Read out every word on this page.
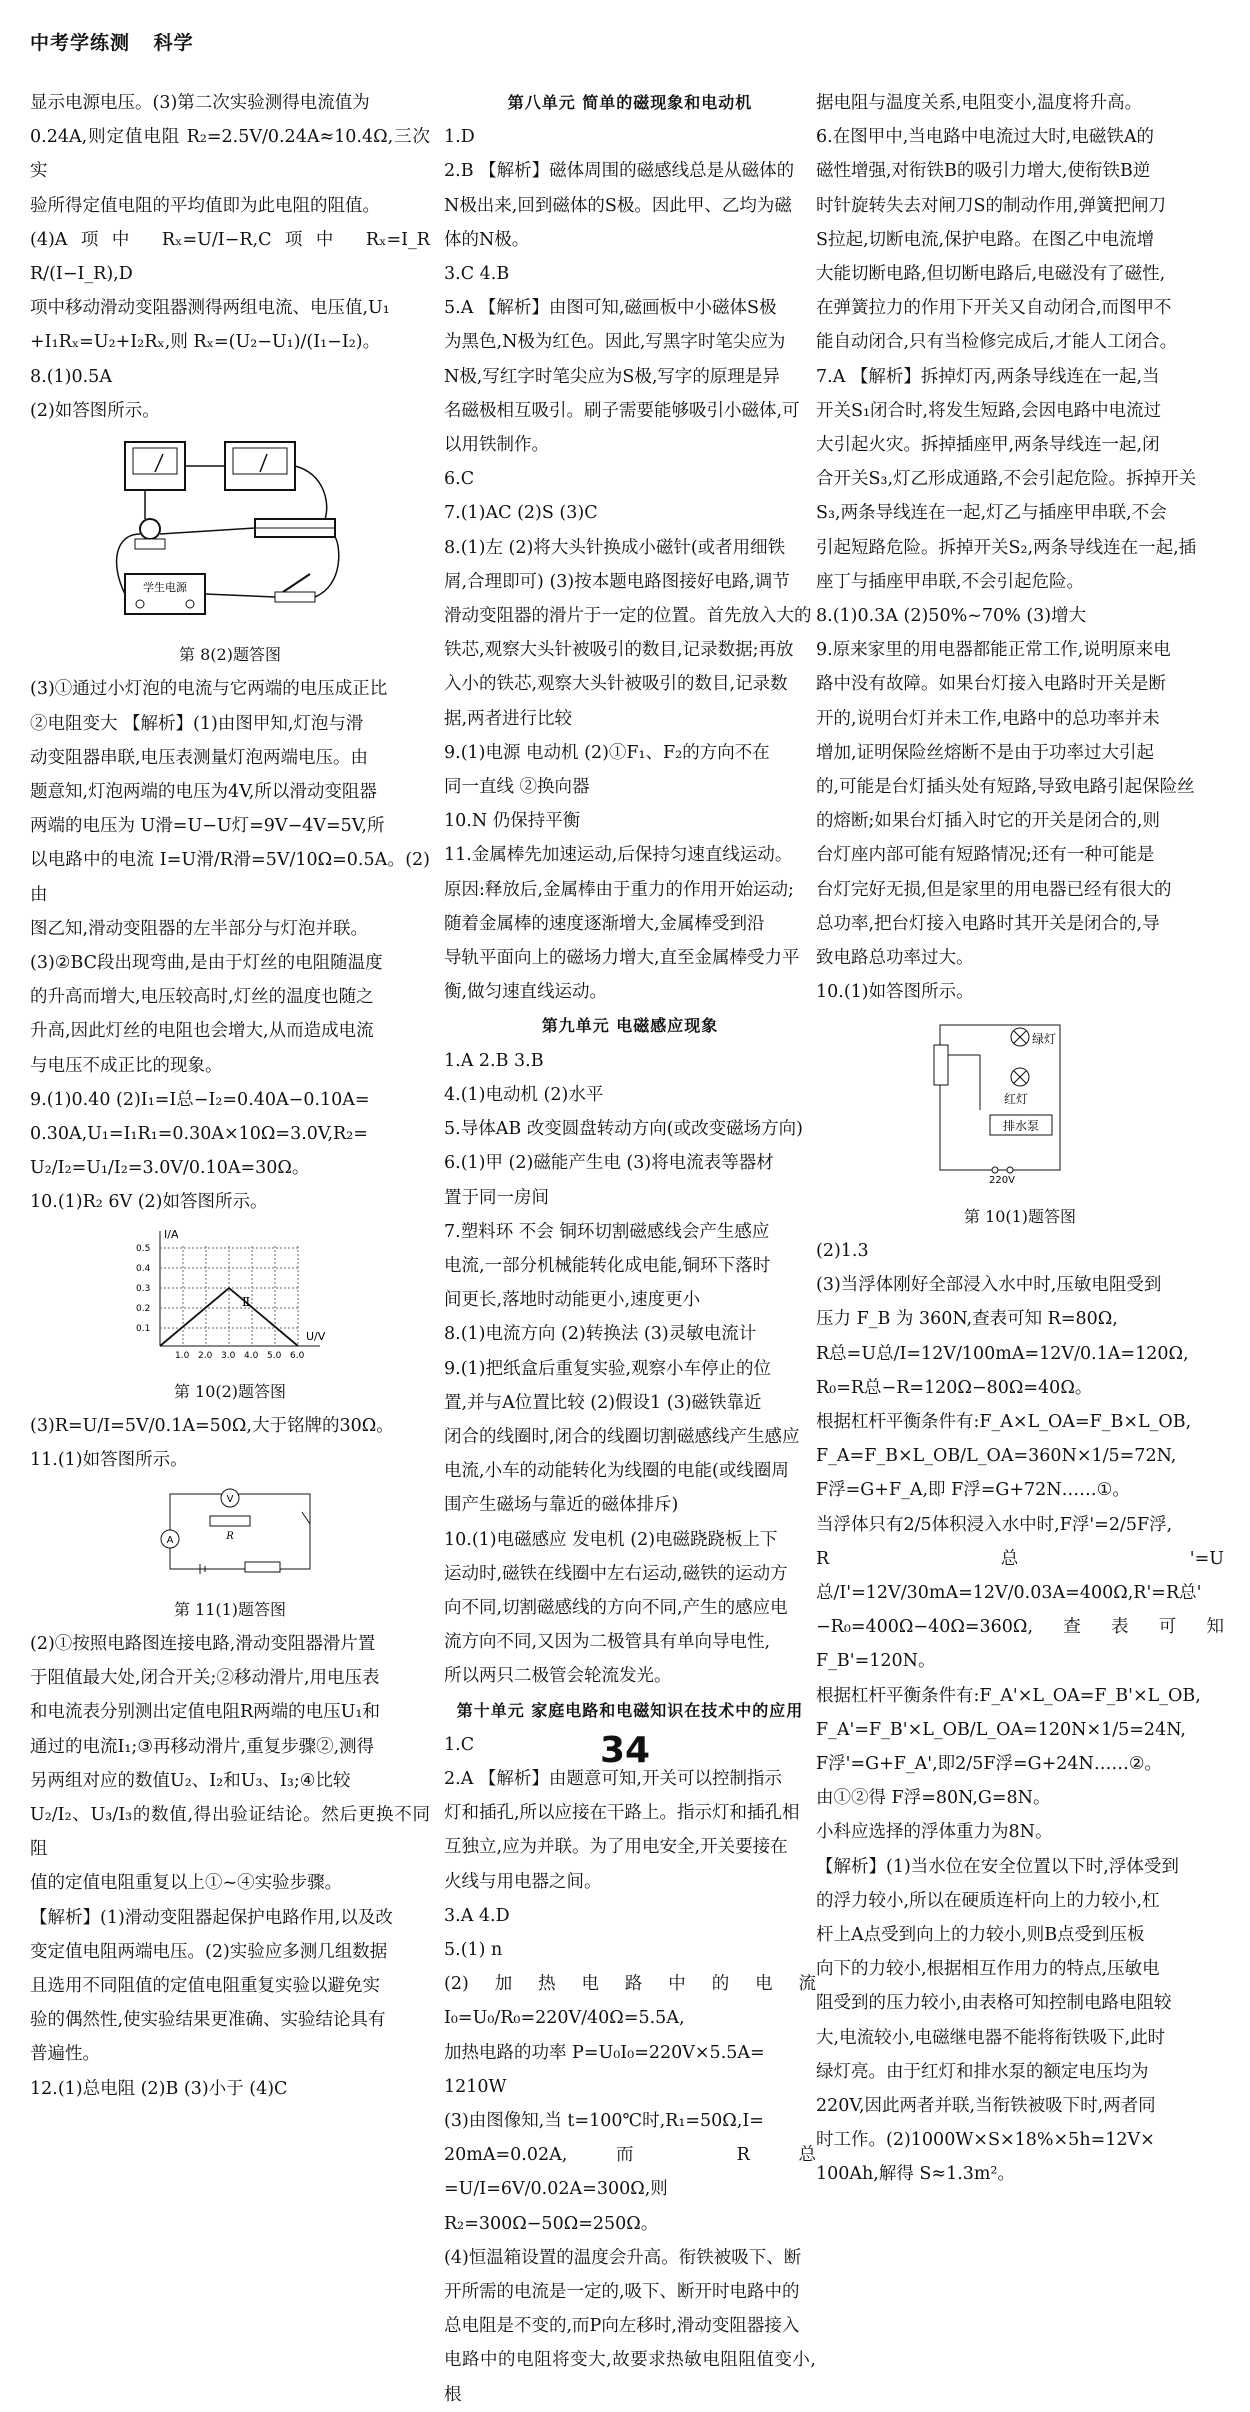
中考学练测 科学

显示电源电压。(3)第二次实验测得电流值为

0.24A,则定值电阻 R₂=2.5V/0.24A≈10.4Ω,三次实

验所得定值电阻的平均值即为此电阻的阻值。

(4)A项中 Rₓ=U/I−R,C项中 Rₓ=I_R R/(I−I_R),D

项中移动滑动变阻器测得两组电流、电压值,U₁

+I₁Rₓ=U₂+I₂Rₓ,则 Rₓ=(U₂−U₁)/(I₁−I₂)。

8.(1)0.5A

(2)如答图所示。

学生电源

第 8(2)题答图

(3)①通过小灯泡的电流与它两端的电压成正比

②电阻变大 【解析】(1)由图甲知,灯泡与滑

动变阻器串联,电压表测量灯泡两端电压。由

题意知,灯泡两端的电压为4V,所以滑动变阻器

两端的电压为 U滑=U−U灯=9V−4V=5V,所

以电路中的电流 I=U滑/R滑=5V/10Ω=0.5A。(2)由

图乙知,滑动变阻器的左半部分与灯泡并联。

(3)②BC段出现弯曲,是由于灯丝的电阻随温度

的升高而增大,电压较高时,灯丝的温度也随之

升高,因此灯丝的电阻也会增大,从而造成电流

与电压不成正比的现象。

9.(1)0.40 (2)I₁=I总−I₂=0.40A−0.10A=

0.30A,U₁=I₁R₁=0.30A×10Ω=3.0V,R₂=

U₂/I₂=U₁/I₂=3.0V/0.10A=30Ω。

10.(1)R₂ 6V (2)如答图所示。

I/A
U/V
0.5
0.4
0.3
0.2
0.1
1.0 2.0 3.0 4.0 5.0 6.0
Ⅱ

第 10(2)题答图

(3)R=U/I=5V/0.1A=50Ω,大于铭牌的30Ω。

11.(1)如答图所示。

V
R
A

第 11(1)题答图

(2)①按照电路图连接电路,滑动变阻器滑片置

于阻值最大处,闭合开关;②移动滑片,用电压表

和电流表分别测出定值电阻R两端的电压U₁和

通过的电流I₁;③再移动滑片,重复步骤②,测得

另两组对应的数值U₂、I₂和U₃、I₃;④比较

U₂/I₂、U₃/I₃的数值,得出验证结论。然后更换不同阻

值的定值电阻重复以上①~④实验步骤。

【解析】(1)滑动变阻器起保护电路作用,以及改

变定值电阻两端电压。(2)实验应多测几组数据

且选用不同阻值的定值电阻重复实验以避免实

验的偶然性,使实验结果更准确、实验结论具有

普遍性。

12.(1)总电阻 (2)B (3)小于 (4)C

第八单元 简单的磁现象和电动机

1.D

2.B 【解析】磁体周围的磁感线总是从磁体的

N极出来,回到磁体的S极。因此甲、乙均为磁

体的N极。

3.C 4.B

5.A 【解析】由图可知,磁画板中小磁体S极

为黑色,N极为红色。因此,写黑字时笔尖应为

N极,写红字时笔尖应为S极,写字的原理是异

名磁极相互吸引。刷子需要能够吸引小磁体,可

以用铁制作。

6.C

7.(1)AC (2)S (3)C

8.(1)左 (2)将大头针换成小磁针(或者用细铁

屑,合理即可) (3)按本题电路图接好电路,调节

滑动变阻器的滑片于一定的位置。首先放入大的

铁芯,观察大头针被吸引的数目,记录数据;再放

入小的铁芯,观察大头针被吸引的数目,记录数

据,两者进行比较

9.(1)电源 电动机 (2)①F₁、F₂的方向不在

同一直线 ②换向器

10.N 仍保持平衡

11.金属棒先加速运动,后保持匀速直线运动。

原因:释放后,金属棒由于重力的作用开始运动;

随着金属棒的速度逐渐增大,金属棒受到沿

导轨平面向上的磁场力增大,直至金属棒受力平

衡,做匀速直线运动。

第九单元 电磁感应现象

1.A 2.B 3.B

4.(1)电动机 (2)水平

5.导体AB 改变圆盘转动方向(或改变磁场方向)

6.(1)甲 (2)磁能产生电 (3)将电流表等器材

置于同一房间

7.塑料环 不会 铜环切割磁感线会产生感应

电流,一部分机械能转化成电能,铜环下落时

间更长,落地时动能更小,速度更小

8.(1)电流方向 (2)转换法 (3)灵敏电流计

9.(1)把纸盒后重复实验,观察小车停止的位

置,并与A位置比较 (2)假设1 (3)磁铁靠近

闭合的线圈时,闭合的线圈切割磁感线产生感应

电流,小车的动能转化为线圈的电能(或线圈周

围产生磁场与靠近的磁体排斥)

10.(1)电磁感应 发电机 (2)电磁跷跷板上下

运动时,磁铁在线圈中左右运动,磁铁的运动方

向不同,切割磁感线的方向不同,产生的感应电

流方向不同,又因为二极管具有单向导电性,

所以两只二极管会轮流发光。

第十单元 家庭电路和电磁知识在技术中的应用

1.C

2.A 【解析】由题意可知,开关可以控制指示

灯和插孔,所以应接在干路上。指示灯和插孔相

互独立,应为并联。为了用电安全,开关要接在

火线与用电器之间。

3.A 4.D

5.(1) n

(2)加热电路中的电流 I₀=U₀/R₀=220V/40Ω=5.5A,

加热电路的功率 P=U₀I₀=220V×5.5A=

1210W

(3)由图像知,当 t=100℃时,R₁=50Ω,I=

20mA=0.02A,而 R总=U/I=6V/0.02A=300Ω,则

R₂=300Ω−50Ω=250Ω。

(4)恒温箱设置的温度会升高。衔铁被吸下、断

开所需的电流是一定的,吸下、断开时电路中的

总电阻是不变的,而P向左移时,滑动变阻器接入

电路中的电阻将变大,故要求热敏电阻阻值变小,根

据电阻与温度关系,电阻变小,温度将升高。

6.在图甲中,当电路中电流过大时,电磁铁A的

磁性增强,对衔铁B的吸引力增大,使衔铁B逆

时针旋转失去对闸刀S的制动作用,弹簧把闸刀

S拉起,切断电流,保护电路。在图乙中电流增

大能切断电路,但切断电路后,电磁没有了磁性,

在弹簧拉力的作用下开关又自动闭合,而图甲不

能自动闭合,只有当检修完成后,才能人工闭合。

7.A 【解析】拆掉灯丙,两条导线连在一起,当

开关S₁闭合时,将发生短路,会因电路中电流过

大引起火灾。拆掉插座甲,两条导线连一起,闭

合开关S₃,灯乙形成通路,不会引起危险。拆掉开关

S₃,两条导线连在一起,灯乙与插座甲串联,不会

引起短路危险。拆掉开关S₂,两条导线连在一起,插

座丁与插座甲串联,不会引起危险。

8.(1)0.3A (2)50%~70% (3)增大

9.原来家里的用电器都能正常工作,说明原来电

路中没有故障。如果台灯接入电路时开关是断

开的,说明台灯并未工作,电路中的总功率并未

增加,证明保险丝熔断不是由于功率过大引起

的,可能是台灯插头处有短路,导致电路引起保险丝

的熔断;如果台灯插入时它的开关是闭合的,则

台灯座内部可能有短路情况;还有一种可能是

台灯完好无损,但是家里的用电器已经有很大的

总功率,把台灯接入电路时其开关是闭合的,导

致电路总功率过大。

10.(1)如答图所示。

绿灯
红灯
排水泵
220V

第 10(1)题答图

(2)1.3

(3)当浮体刚好全部浸入水中时,压敏电阻受到

压力 F_B 为 360N,查表可知 R=80Ω,

R总=U总/I=12V/100mA=12V/0.1A=120Ω,

R₀=R总−R=120Ω−80Ω=40Ω。

根据杠杆平衡条件有:F_A×L_OA=F_B×L_OB,

F_A=F_B×L_OB/L_OA=360N×1/5=72N,

F浮=G+F_A,即 F浮=G+72N……①。

当浮体只有2/5体积浸入水中时,F浮'=2/5F浮,

R总'=U总/I'=12V/30mA=12V/0.03A=400Ω,R'=R总'

−R₀=400Ω−40Ω=360Ω,查表可知 F_B'=120N。

根据杠杆平衡条件有:F_A'×L_OA=F_B'×L_OB,

F_A'=F_B'×L_OB/L_OA=120N×1/5=24N,

F浮'=G+F_A',即2/5F浮=G+24N……②。

由①②得 F浮=80N,G=8N。

小科应选择的浮体重力为8N。

【解析】(1)当水位在安全位置以下时,浮体受到

的浮力较小,所以在硬质连杆向上的力较小,杠

杆上A点受到向上的力较小,则B点受到压板

向下的力较小,根据相互作用力的特点,压敏电

阻受到的压力较小,由表格可知控制电路电阻较

大,电流较小,电磁继电器不能将衔铁吸下,此时

绿灯亮。由于红灯和排水泵的额定电压均为

220V,因此两者并联,当衔铁被吸下时,两者同

时工作。(2)1000W×S×18%×5h=12V×

100Ah,解得 S≈1.3m²。

34
